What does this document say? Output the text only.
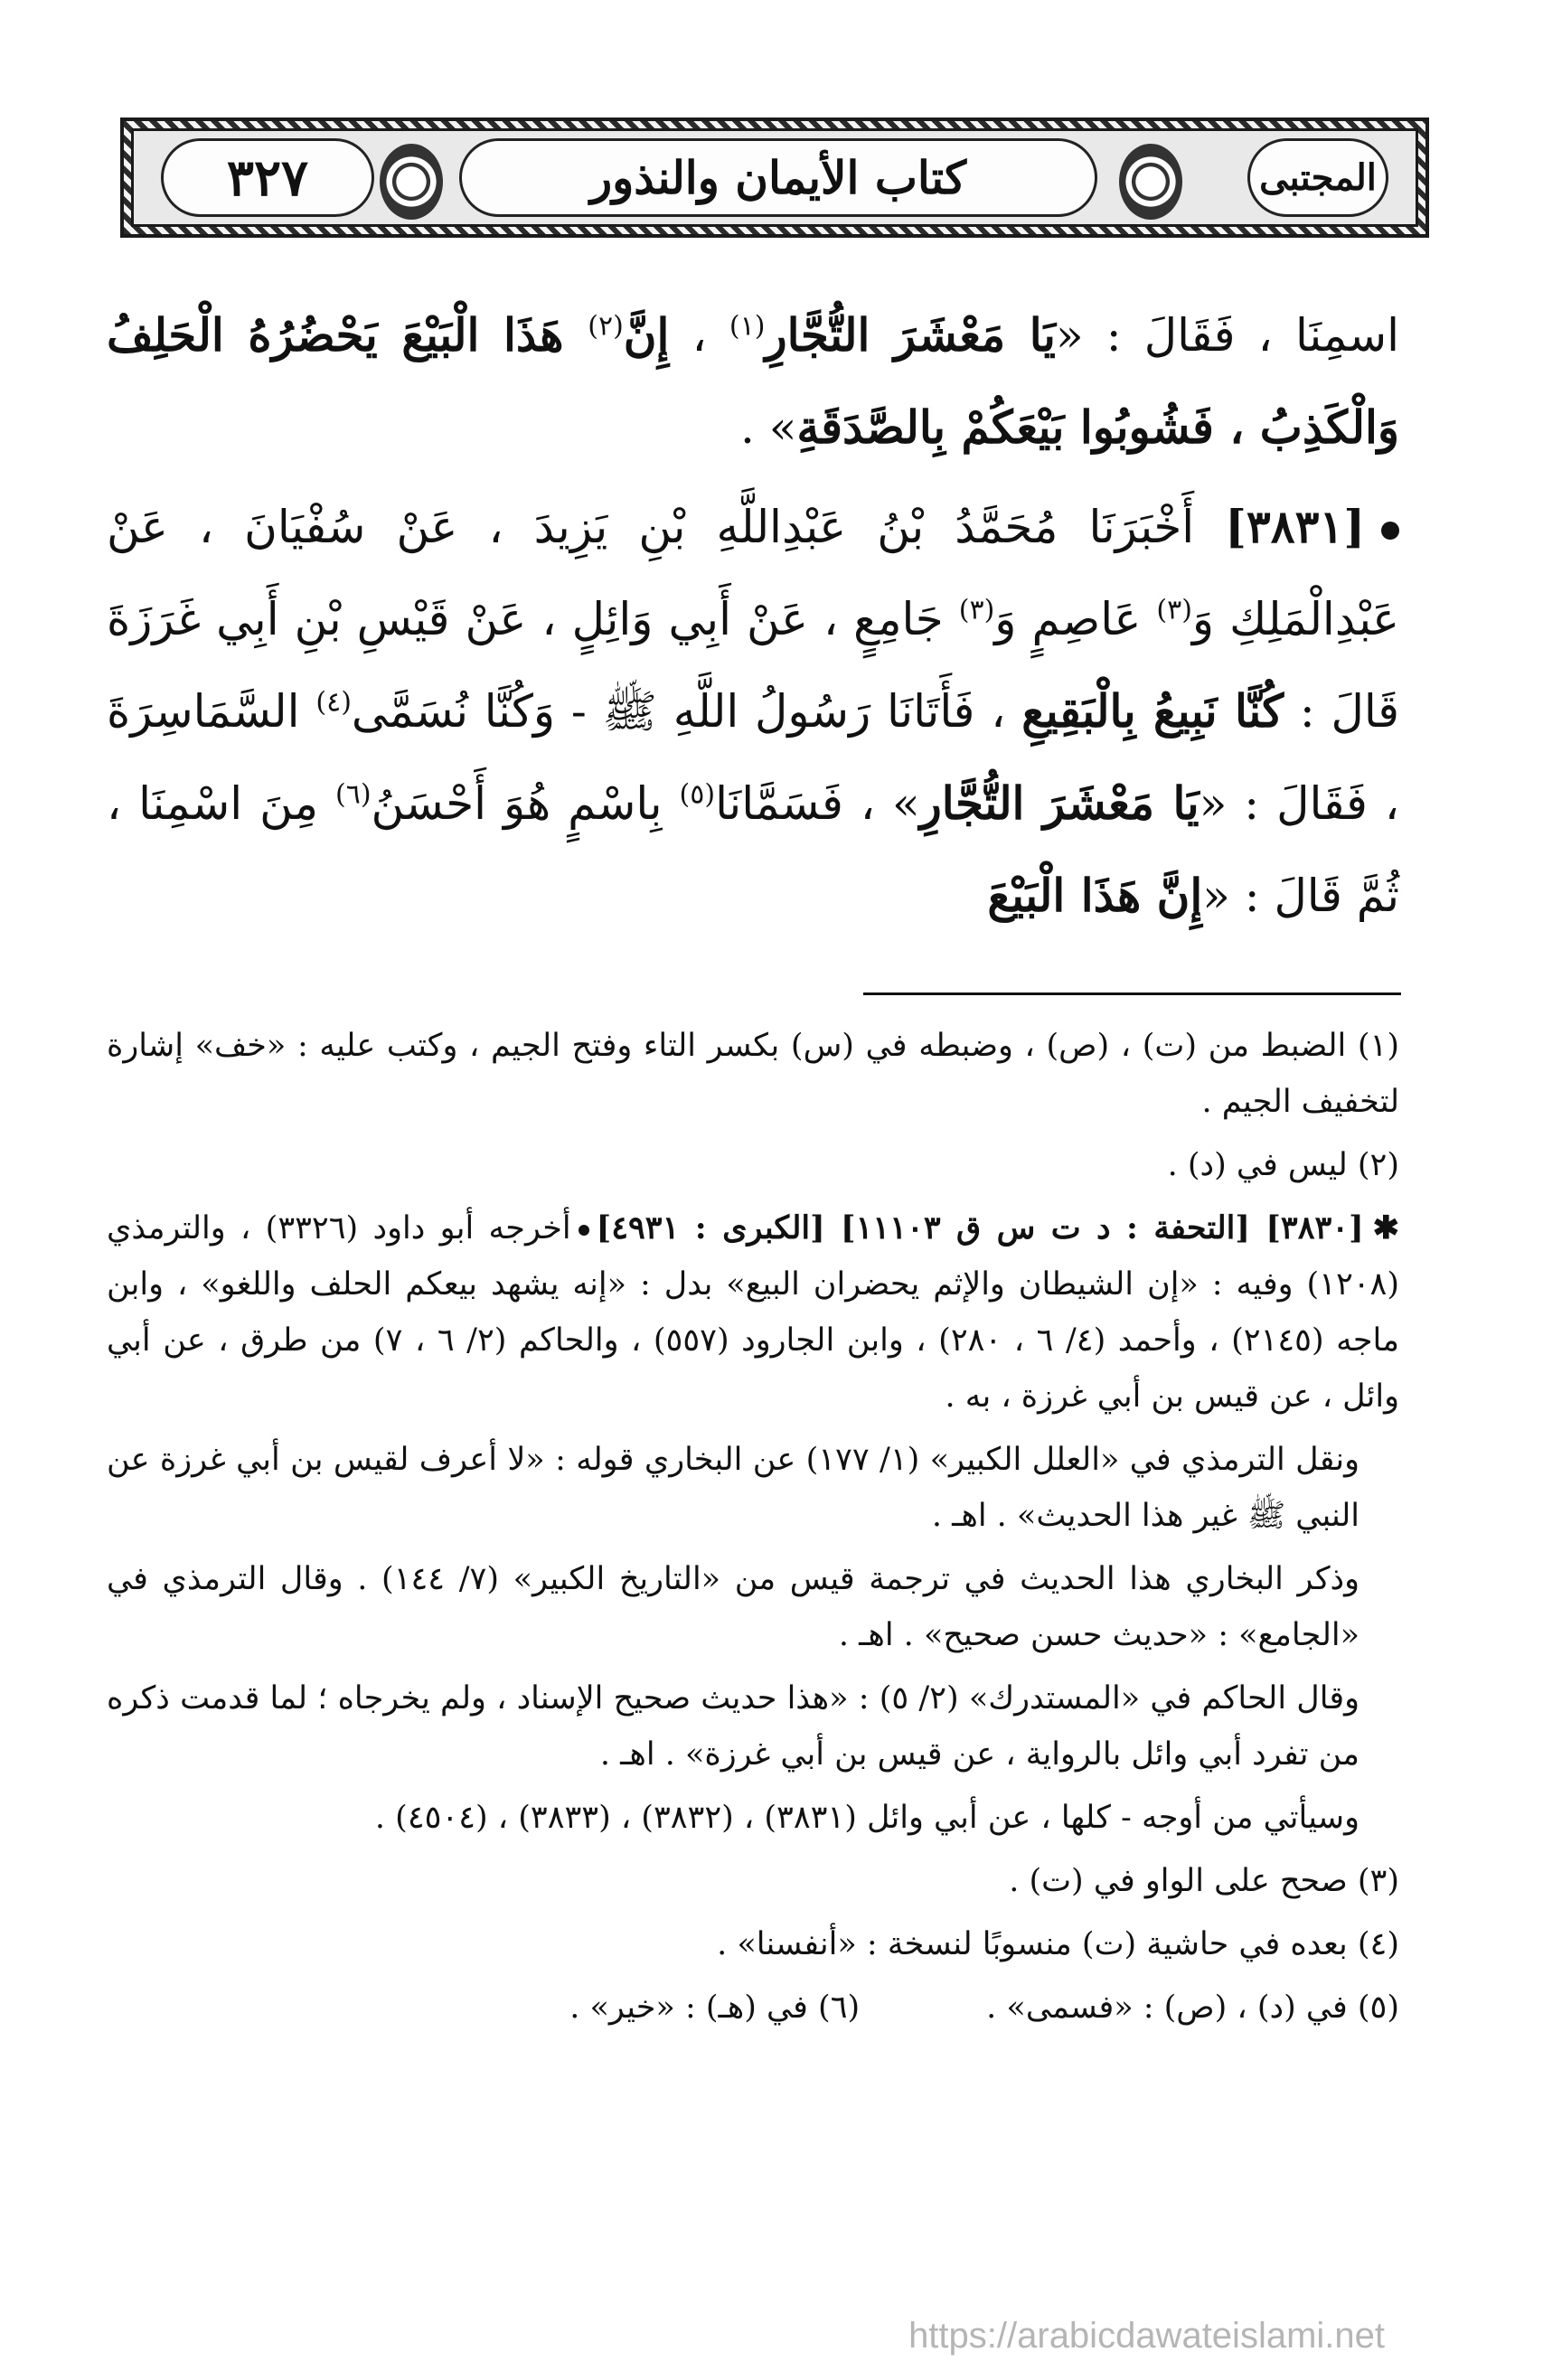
٣٢٧	كتاب الأيمان والنذور	المجتبى

اسمِنَا ، فَقَالَ : «يَا مَعْشَرَ التُّجَّارِ$^{(١)}$ ، إِنَّ$^{(٢)}$ هَذَا الْبَيْعَ يَحْضُرُهُ الْحَلِفُ وَالْكَذِبُ ، فَشُوبُوا بَيْعَكُمْ بِالصَّدَقَةِ» .

[٣٨٣١] أَخْبَرَنَا مُحَمَّدُ بْنُ عَبْدِاللَّهِ بْنِ يَزِيدَ ، عَنْ سُفْيَانَ ، عَنْ عَبْدِالْمَلِكِ وَ$^{(٣)}$ عَاصِمٍ وَ$^{(٣)}$ جَامِعٍ ، عَنْ أَبِي وَائِلٍ ، عَنْ قَيْسِ بْنِ أَبِي غَرَزَةَ قَالَ : كُنَّا نَبِيعُ بِالْبَقِيعِ ، فَأَتَانَا رَسُولُ اللَّهِ ﷺ - وَكُنَّا نُسَمَّى$^{(٤)}$ السَّمَاسِرَةَ ، فَقَالَ : «يَا مَعْشَرَ التُّجَّارِ» ، فَسَمَّانَا$^{(٥)}$ بِاسْمٍ هُوَ أَحْسَنُ$^{(٦)}$ مِنَ اسْمِنَا ، ثُمَّ قَالَ : «إِنَّ هَذَا الْبَيْعَ

(١) الضبط من (ت) ، (ص) ، وضبطه في (س) بكسر التاء وفتح الجيم ، وكتب عليه : «خف» إشارة لتخفيف الجيم .

(٢) ليس في (د) .

✱[٣٨٣٠] [التحفة : د ت س ق ١١١٠٣] [الكبرى : ٤٩٣١]أخرجه أبو داود (٣٣٢٦) ، والترمذي (١٢٠٨) وفيه : «إن الشيطان والإثم يحضران البيع» بدل : «إنه يشهد بيعكم الحلف واللغو» ، وابن ماجه (٢١٤٥) ، وأحمد (٤/ ٦ ، ٢٨٠) ، وابن الجارود (٥٥٧) ، والحاكم (٢/ ٦ ، ٧) من طرق ، عن أبي وائل ، عن قيس بن أبي غرزة ، به .

ونقل الترمذي في «العلل الكبير» (١/ ١٧٧) عن البخاري قوله : «لا أعرف لقيس بن أبي غرزة عن النبي ﷺ غير هذا الحديث» . اهـ .

وذكر البخاري هذا الحديث في ترجمة قيس من «التاريخ الكبير» (٧/ ١٤٤) . وقال الترمذي في «الجامع» : «حديث حسن صحيح» . اهـ .

وقال الحاكم في «المستدرك» (٢/ ٥) : «هذا حديث صحيح الإسناد ، ولم يخرجاه ؛ لما قدمت ذكره من تفرد أبي وائل بالرواية ، عن قيس بن أبي غرزة» . اهـ .

وسيأتي من أوجه - كلها ، عن أبي وائل (٣٨٣١) ، (٣٨٣٢) ، (٣٨٣٣) ، (٤٥٠٤) .

(٣) صحح على الواو في (ت) .

(٤) بعده في حاشية (ت) منسوبًا لنسخة : «أنفسنا» .

(٥) في (د) ، (ص) : «فسمى» .
(٦) في (هـ) : «خير» .
https://arabicdawateislami.net
